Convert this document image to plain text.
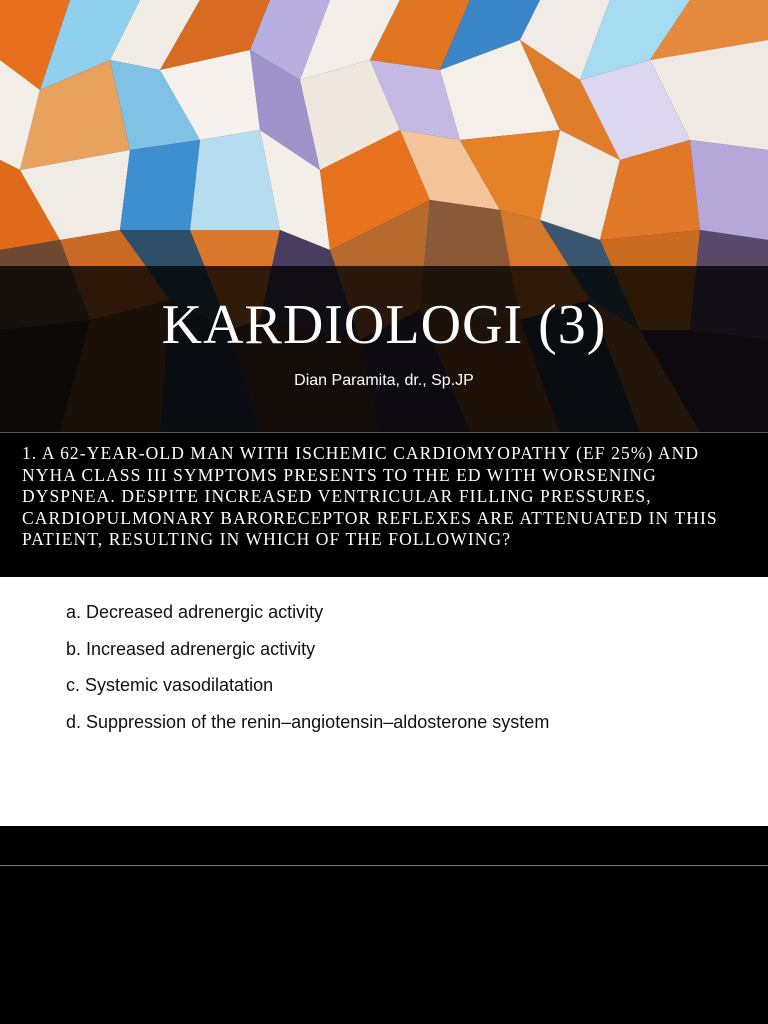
KARDIOLOGI (3)
Dian Paramita, dr., Sp.JP

1. A 62-YEAR-OLD MAN WITH ISCHEMIC CARDIOMYOPATHY (EF 25%) AND NYHA CLASS III SYMPTOMS PRESENTS TO THE ED WITH WORSENING DYSPNEA. DESPITE INCREASED VENTRICULAR FILLING PRESSURES, CARDIOPULMONARY BARORECEPTOR REFLEXES ARE ATTENUATED IN THIS PATIENT, RESULTING IN WHICH OF THE FOLLOWING?

a. Decreased adrenergic activity
b. Increased adrenergic activity
c. Systemic vasodilatation
d. Suppression of the renin–angiotensin–aldosterone system
